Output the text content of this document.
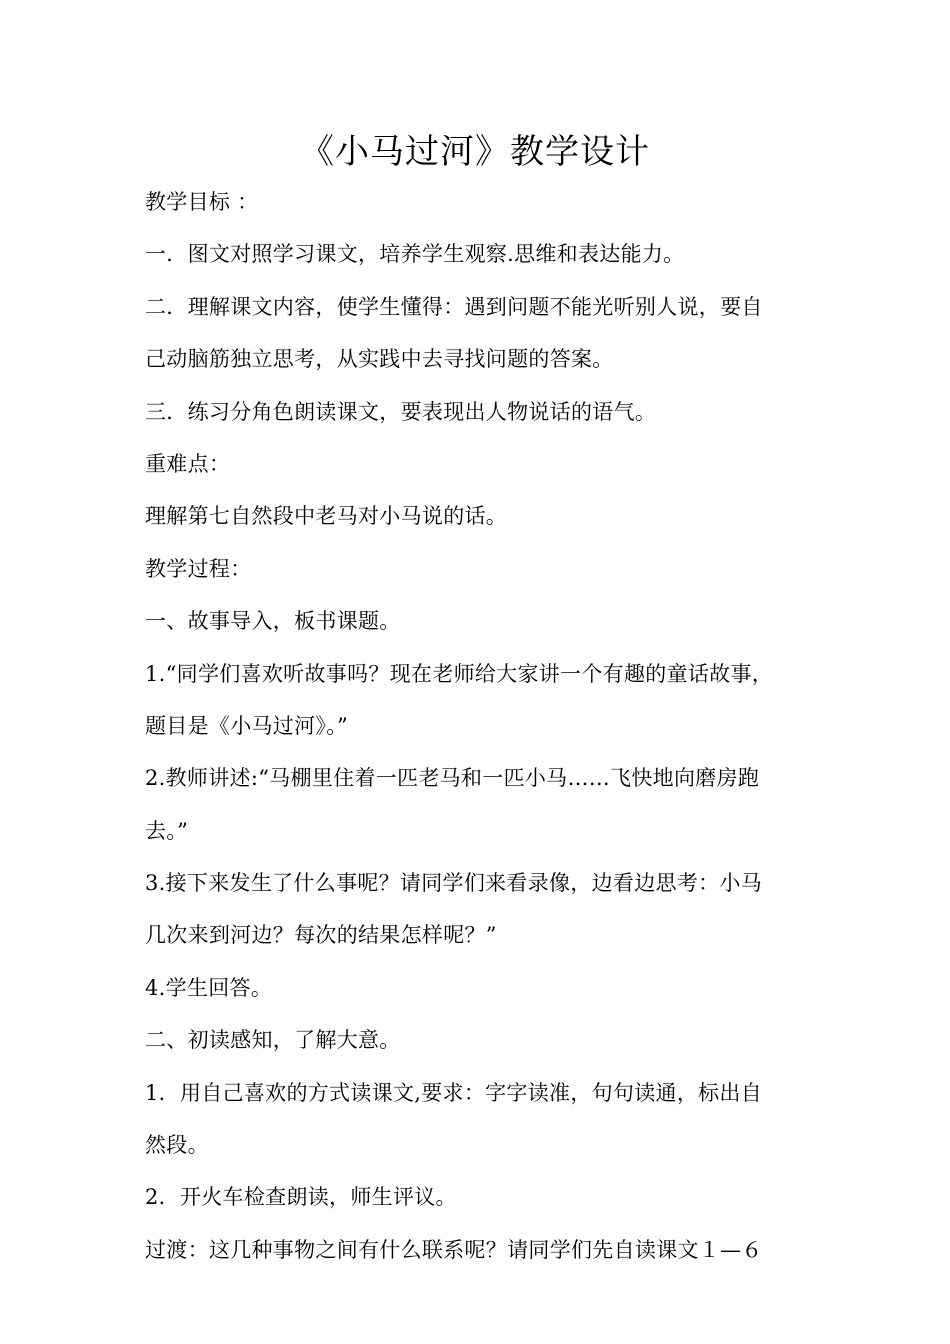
《小马过河》教学设计
教学目标 ：
一．图文对照学习课文，培养学生观察.思维和表达能力。
二．理解课文内容，使学生懂得：遇到问题不能光听别人说，要自
己动脑筋独立思考，从实践中去寻找问题的答案。
三．练习分角色朗读课文，要表现出人物说话的语气。
重难点：
理解第七自然段中老马对小马说的话。
教学过程：
一、故事导入，板书课题。
1.“同学们喜欢听故事吗？现在老师给大家讲一个有趣的童话故事，
题目是《小马过河》。”
2.教师讲述:“马棚里住着一匹老马和一匹小马……飞快地向磨房跑
去。”
3.接下来发生了什么事呢？请同学们来看录像，边看边思考：小马
几次来到河边？每次的结果怎样呢？”
4.学生回答。
二、初读感知，了解大意。
1．用自己喜欢的方式读课文,要求：字字读准，句句读通，标出自
然段。
2．开火车检查朗读，师生评议。
过渡：这几种事物之间有什么联系呢？请同学们先自读课文１—６
